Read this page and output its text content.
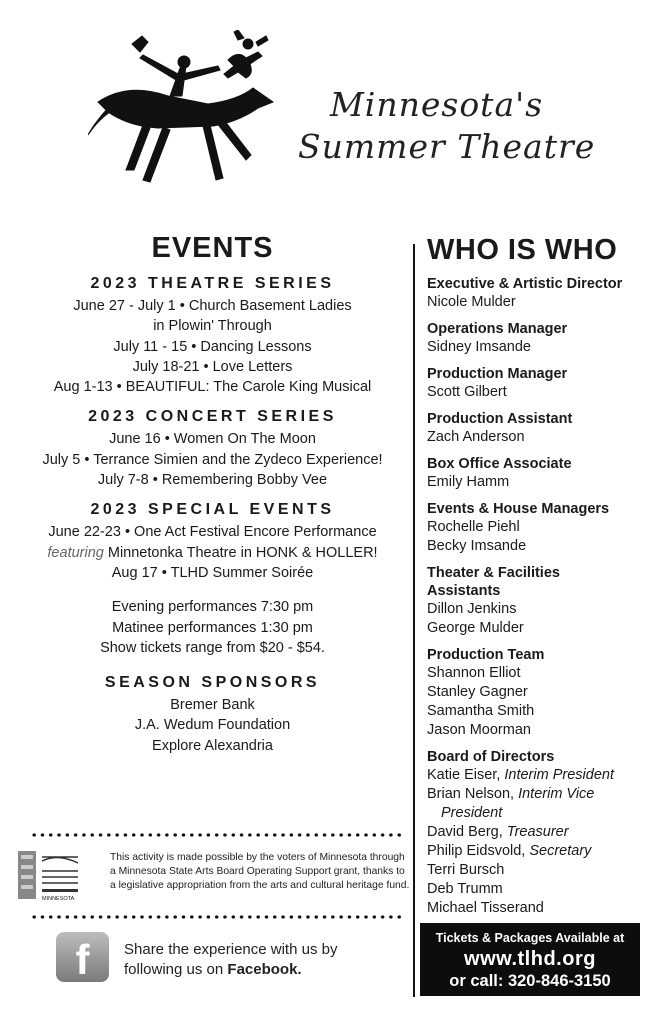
Minnesota's
Summer Theatre
EVENTS
2023 THEATRE SERIES
June 27 - July 1 • Church Basement Ladies
in Plowin' Through
July 11 - 15 • Dancing Lessons
July 18-21 • Love Letters
Aug 1-13 • BEAUTIFUL: The Carole King Musical
2023 CONCERT SERIES
June 16 • Women On The Moon
July 5 • Terrance Simien and the Zydeco Experience!
July 7-8 • Remembering Bobby Vee
2023 SPECIAL EVENTS
June 22-23 • One Act Festival Encore Performance
featuring Minnetonka Theatre in HONK & HOLLER!
Aug 17 • TLHD Summer Soirée
Evening performances 7:30 pm
Matinee performances 1:30 pm
Show tickets range from $20 - $54.
SEASON SPONSORS
Bremer Bank
J.A. Wedum Foundation
Explore Alexandria
WHO IS WHO
Executive & Artistic Director
Nicole Mulder
Operations Manager
Sidney Imsande
Production Manager
Scott Gilbert
Production Assistant
Zach Anderson
Box Office Associate
Emily Hamm
Events & House Managers
Rochelle Piehl
Becky Imsande
Theater & Facilities
Assistants
Dillon Jenkins
George Mulder
Production Team
Shannon Elliot
Stanley Gagner
Samantha Smith
Jason Moorman
Board of Directors
Katie Eiser, Interim President
Brian Nelson, Interim Vice
President
David Berg, Treasurer
Philip Eidsvold, Secretary
Terri Bursch
Deb Trumm
Michael Tisserand
MINNESOTA
This activity is made possible by the voters of Minnesota through a Minnesota State Arts Board Operating Support grant, thanks to a legislative appropriation from the arts and cultural heritage fund.
f	Share the experience with us by
following us on Facebook.
Tickets & Packages Available at
www.tlhd.org
or call: 320-846-3150
